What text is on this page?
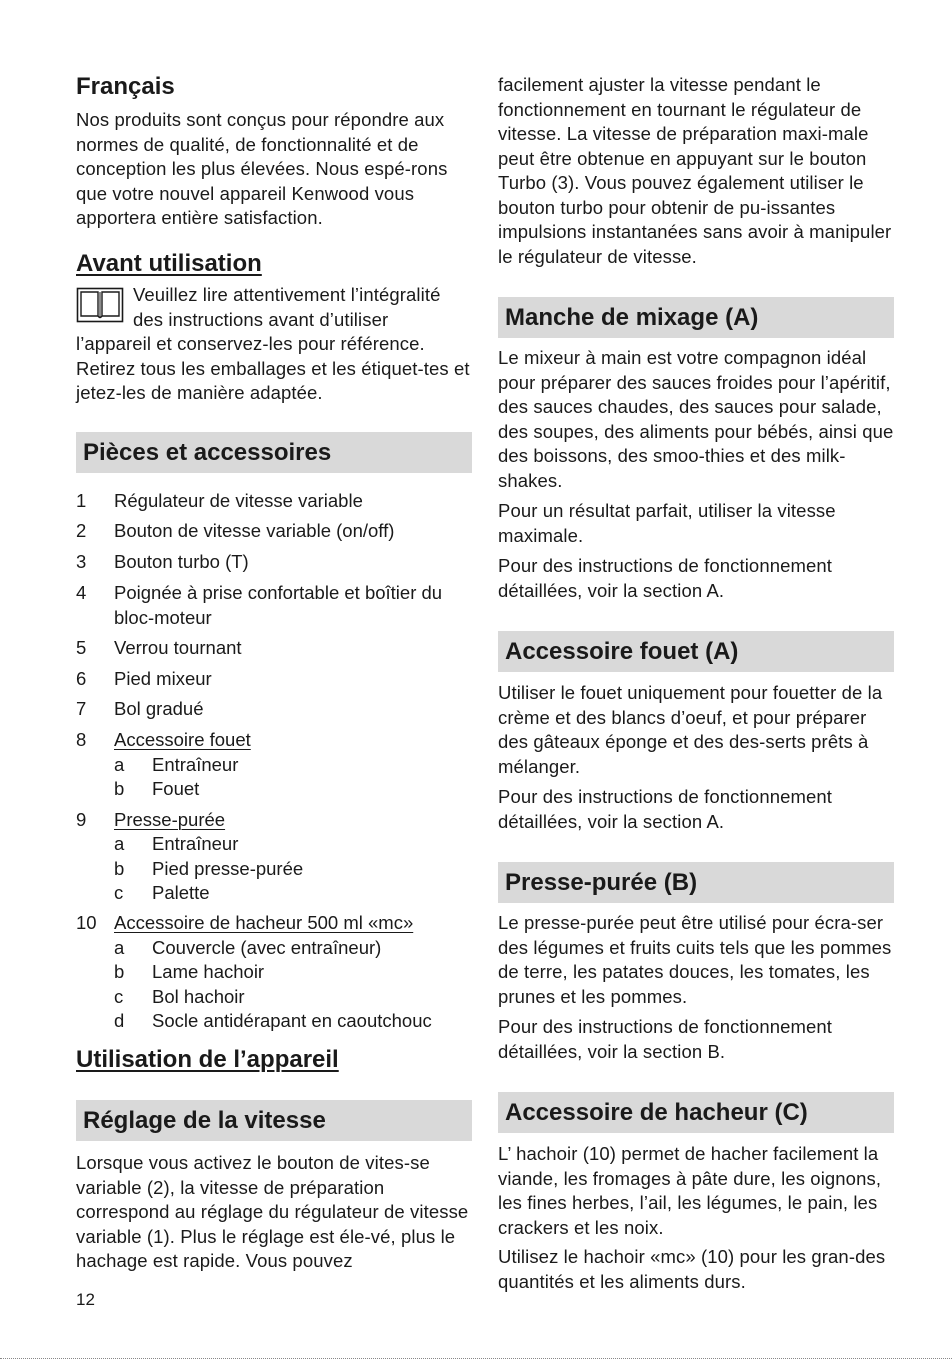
Français

Nos produits sont conçus pour répondre aux normes de qualité, de fonctionnalité et de conception les plus élevées. Nous espé-rons que votre nouvel appareil Kenwood vous apportera entière satisfaction.

Avant utilisation
Veuillez lire attentivement l’intégralité
des instructions avant d’utiliser

l’appareil et conservez-les pour référence. Retirez tous les emballages et les étiquet-tes et jetez-les de manière adaptée.

Pièces et accessoires
1 Régulateur de vitesse variable
2 Bouton de vitesse variable (on/off)
3 Bouton turbo (T)
4 Poignée à prise confortable et boîtier du bloc-moteur
5 Verrou tournant
6 Pied mixeur
7 Bol gradué
8 Accessoire fouet
a Entraîneur
b Fouet
9 Presse-purée
a Entraîneur
b Pied presse-purée
c Palette
10 Accessoire de hacheur 500 ml «mc»
a Couvercle (avec entraîneur)
b Lame hachoir
c Bol hachoir
d Socle antidérapant en caoutchouc
Utilisation de l’appareil
Réglage de la vitesse

Lorsque vous activez le bouton de vites-se variable (2), la vitesse de préparation correspond au réglage du régulateur de vitesse variable (1). Plus le réglage est éle-vé, plus le hachage est rapide. Vous pouvez

12

facilement ajuster la vitesse pendant le fonctionnement en tournant le régulateur de vitesse. La vitesse de préparation maxi-male peut être obtenue en appuyant sur le bouton Turbo (3). Vous pouvez également utiliser le bouton turbo pour obtenir de pu-issantes impulsions instantanées sans avoir à manipuler le régulateur de vitesse.

Manche de mixage (A)

Le mixeur à main est votre compagnon idéal pour préparer des sauces froides pour l’apéritif, des sauces chaudes, des sauces pour salade, des soupes, des aliments pour bébés, ainsi que des boissons, des smoo-thies et des milk-shakes.

Pour un résultat parfait, utiliser la vitesse maximale.

Pour des instructions de fonctionnement détaillées, voir la section A.

Accessoire fouet (A)

Utiliser le fouet uniquement pour fouetter de la crème et des blancs d’oeuf, et pour préparer des gâteaux éponge et des des-serts prêts à mélanger.

Pour des instructions de fonctionnement détaillées, voir la section A.

Presse-purée (B)

Le presse-purée peut être utilisé pour écra-ser des légumes et fruits cuits tels que les pommes de terre, les patates douces, les tomates, les prunes et les pommes.

Pour des instructions de fonctionnement détaillées, voir la section B.

Accessoire de hacheur (C)

L’ hachoir (10) permet de hacher facilement la viande, les fromages à pâte dure, les oignons, les fines herbes, l’ail, les légumes, le pain, les crackers et les noix.

Utilisez le hachoir «mc» (10) pour les gran-des quantités et les aliments durs.
